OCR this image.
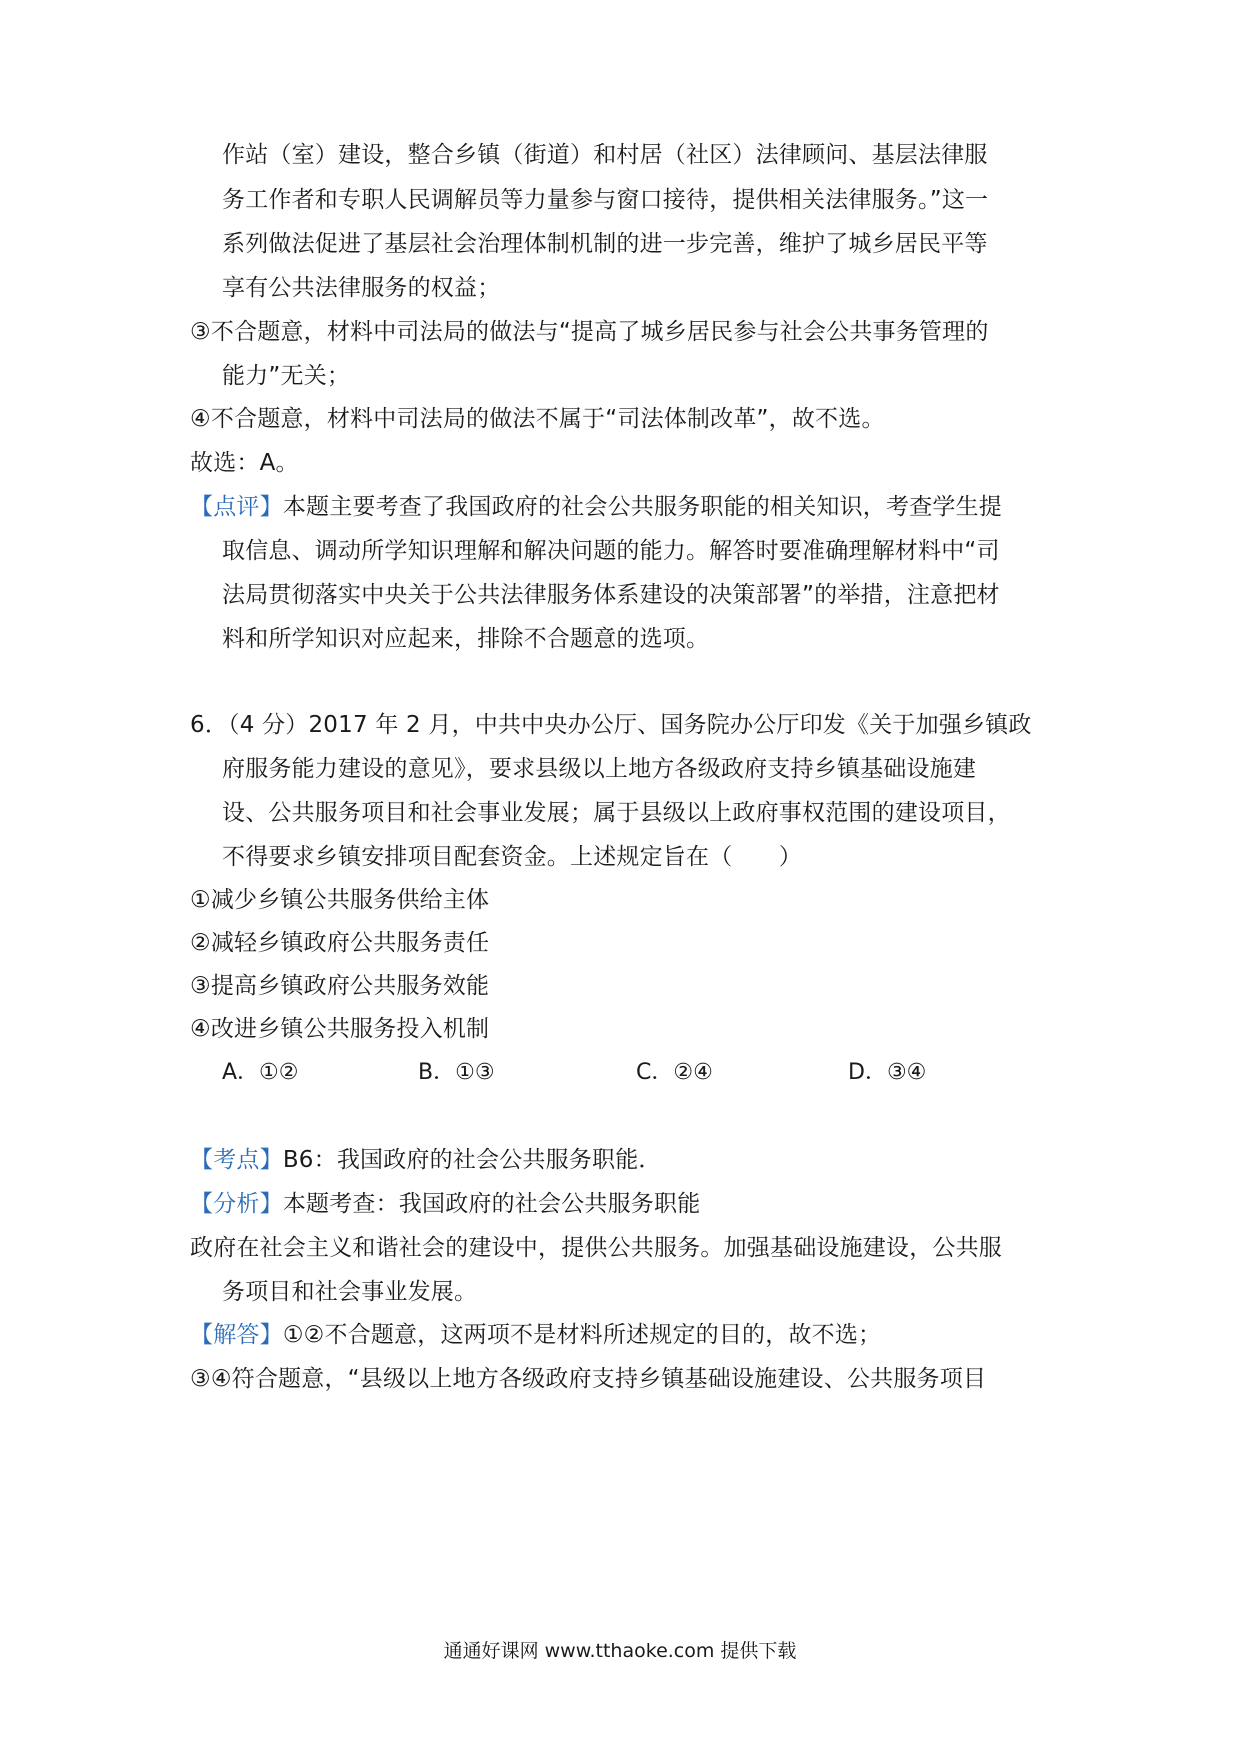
作站（室）建设，整合乡镇（街道）和村居（社区）法律顾问、基层法律服
务工作者和专职人民调解员等力量参与窗口接待，提供相关法律服务。”这一
系列做法促进了基层社会治理体制机制的进一步完善，维护了城乡居民平等
享有公共法律服务的权益；
③不合题意，材料中司法局的做法与“提高了城乡居民参与社会公共事务管理的
能力”无关；
④不合题意，材料中司法局的做法不属于“司法体制改革”，故不选。
故选：A。
【点评】本题主要考查了我国政府的社会公共服务职能的相关知识，考查学生提
取信息、调动所学知识理解和解决问题的能力。解答时要准确理解材料中“司
法局贯彻落实中央关于公共法律服务体系建设的决策部署”的举措，注意把材
料和所学知识对应起来，排除不合题意的选项。
6．（4 分）2017 年 2 月，中共中央办公厅、国务院办公厅印发《关于加强乡镇政
府服务能力建设的意见》，要求县级以上地方各级政府支持乡镇基础设施建
设、公共服务项目和社会事业发展；属于县级以上政府事权范围的建设项目，
不得要求乡镇安排项目配套资金。上述规定旨在（　　）
①减少乡镇公共服务供给主体
②减轻乡镇政府公共服务责任
③提高乡镇政府公共服务效能
④改进乡镇公共服务投入机制
A．①②	B．①③	C．②④	D．③④
【考点】B6：我国政府的社会公共服务职能．
【分析】本题考查：我国政府的社会公共服务职能
政府在社会主义和谐社会的建设中，提供公共服务。加强基础设施建设，公共服
务项目和社会事业发展。
【解答】①②不合题意，这两项不是材料所述规定的目的，故不选；
③④符合题意，“县级以上地方各级政府支持乡镇基础设施建设、公共服务项目
通通好课网 www.tthaoke.com 提供下载
